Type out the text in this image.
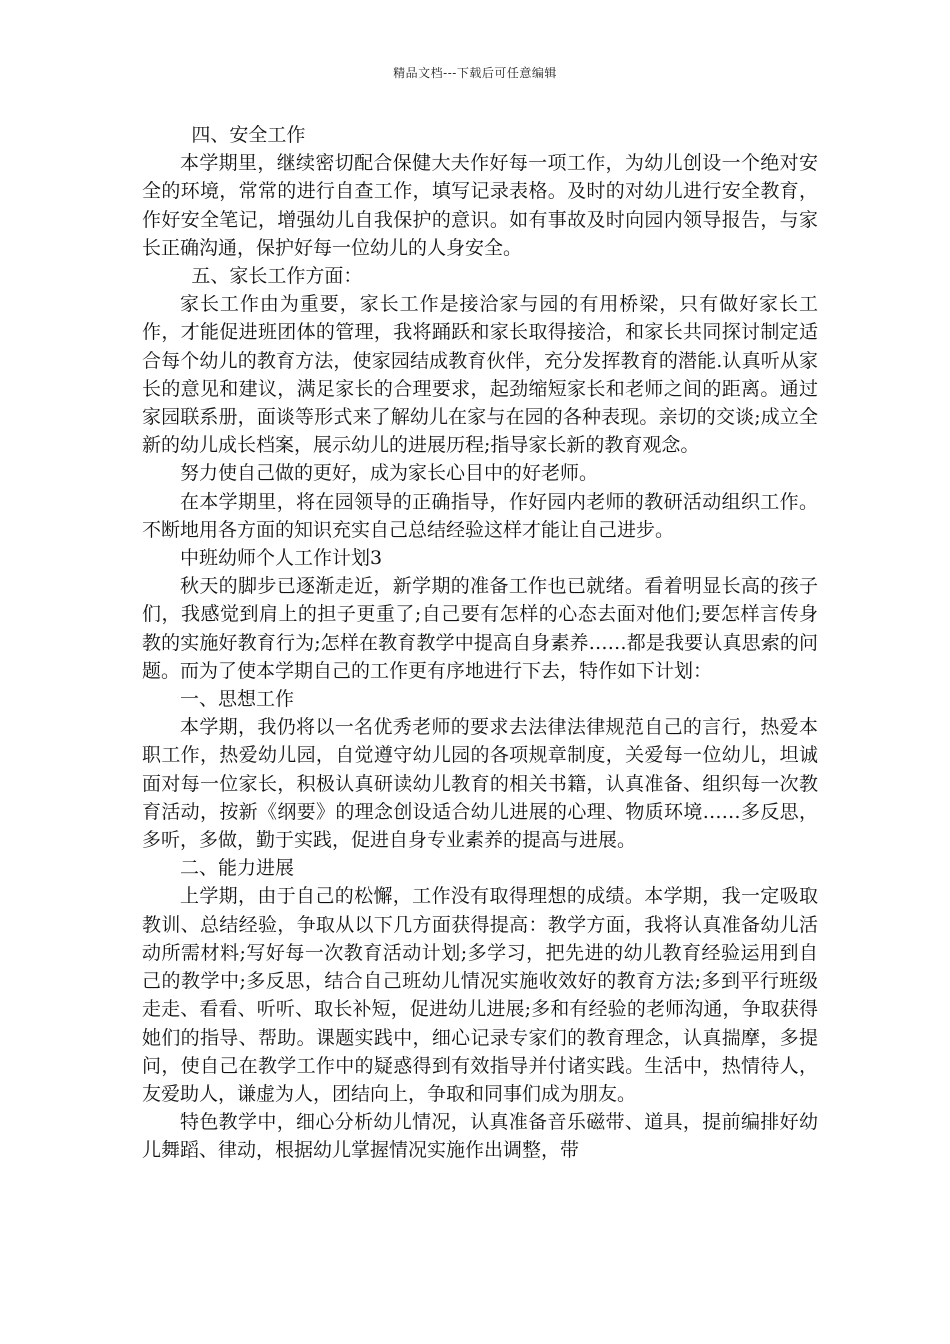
精品文档---下载后可任意编辑

四、安全工作

本学期里，继续密切配合保健大夫作好每一项工作，为幼儿创设一个绝对安全的环境，常常的进行自查工作，填写记录表格。及时的对幼儿进行安全教育，作好安全笔记，增强幼儿自我保护的意识。如有事故及时向园内领导报告，与家长正确沟通，保护好每一位幼儿的人身安全。

五、家长工作方面：

家长工作由为重要，家长工作是接洽家与园的有用桥梁，只有做好家长工作，才能促进班团体的管理，我将踊跃和家长取得接洽，和家长共同探讨制定适合每个幼儿的教育方法，使家园结成教育伙伴，充分发挥教育的潜能.认真听从家长的意见和建议，满足家长的合理要求，起劲缩短家长和老师之间的距离。通过家园联系册，面谈等形式来了解幼儿在家与在园的各种表现。亲切的交谈;成立全新的幼儿成长档案，展示幼儿的进展历程;指导家长新的教育观念。

努力使自己做的更好，成为家长心目中的好老师。

在本学期里，将在园领导的正确指导，作好园内老师的教研活动组织工作。不断地用各方面的知识充实自己总结经验这样才能让自己进步。

中班幼师个人工作计划3

秋天的脚步已逐渐走近，新学期的准备工作也已就绪。看着明显长高的孩子们，我感觉到肩上的担子更重了;自己要有怎样的心态去面对他们;要怎样言传身教的实施好教育行为;怎样在教育教学中提高自身素养……都是我要认真思索的问题。而为了使本学期自己的工作更有序地进行下去，特作如下计划：

一、思想工作

本学期，我仍将以一名优秀老师的要求去法律法律规范自己的言行，热爱本职工作，热爱幼儿园，自觉遵守幼儿园的各项规章制度，关爱每一位幼儿，坦诚面对每一位家长，积极认真研读幼儿教育的相关书籍，认真准备、组织每一次教育活动，按新《纲要》的理念创设适合幼儿进展的心理、物质环境……多反思，多听，多做，勤于实践，促进自身专业素养的提高与进展。

二、能力进展

上学期，由于自己的松懈，工作没有取得理想的成绩。本学期，我一定吸取教训、总结经验，争取从以下几方面获得提高：教学方面，我将认真准备幼儿活动所需材料;写好每一次教育活动计划;多学习，把先进的幼儿教育经验运用到自己的教学中;多反思，结合自己班幼儿情况实施收效好的教育方法;多到平行班级走走、看看、听听、取长补短，促进幼儿进展;多和有经验的老师沟通，争取获得她们的指导、帮助。课题实践中，细心记录专家们的教育理念，认真揣摩，多提问，使自己在教学工作中的疑惑得到有效指导并付诸实践。生活中，热情待人，友爱助人，谦虚为人，团结向上，争取和同事们成为朋友。

特色教学中，细心分析幼儿情况，认真准备音乐磁带、道具，提前编排好幼儿舞蹈、律动，根据幼儿掌握情况实施作出调整，带
